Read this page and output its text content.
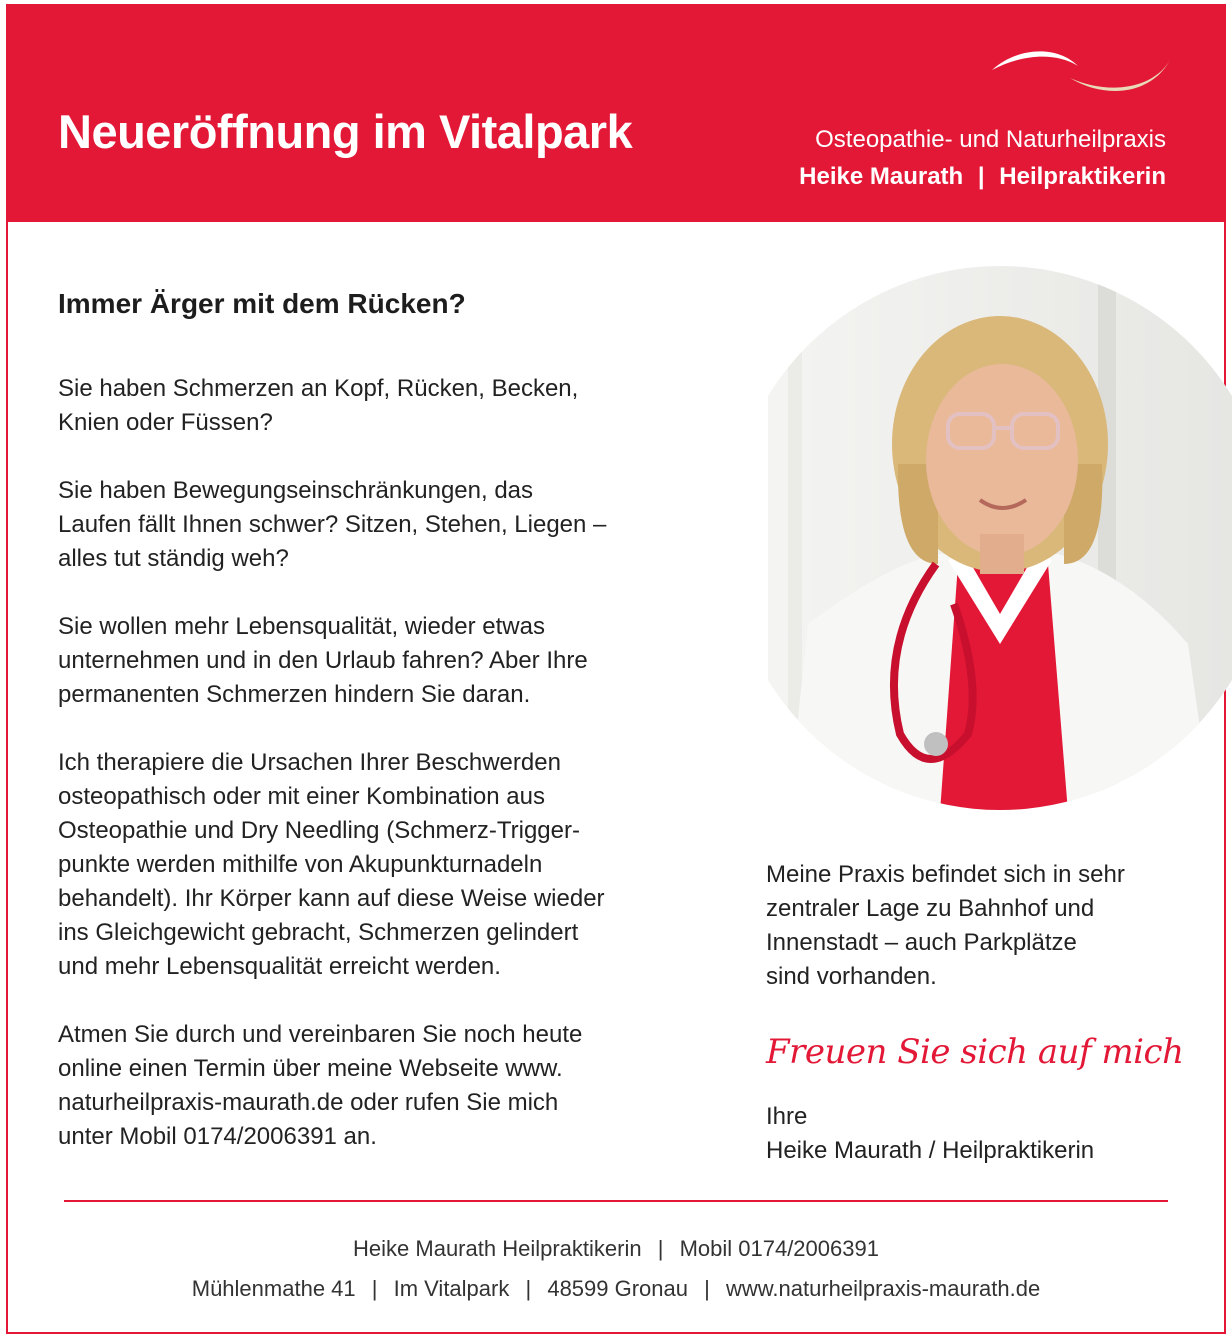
Neueröffnung im Vitalpark	Osteopathie- und Naturheilpraxis
Heike Maurath | Heilpraktikerin
Immer Ärger mit dem Rücken?

Sie haben Schmerzen an Kopf, Rücken, Becken,
Knien oder Füssen?

Sie haben Bewegungseinschränkungen, das
Laufen fällt Ihnen schwer? Sitzen, Stehen, Liegen –
alles tut ständig weh?

Sie wollen mehr Lebensqualität, wieder etwas
unternehmen und in den Urlaub fahren? Aber Ihre
permanenten Schmerzen hindern Sie daran.

Ich therapiere die Ursachen Ihrer Beschwerden
osteopathisch oder mit einer Kombination aus
Osteopathie und Dry Needling (Schmerz-Trigger-
punkte werden mithilfe von Akupunkturnadeln
behandelt). Ihr Körper kann auf diese Weise wieder
ins Gleichgewicht gebracht, Schmerzen gelindert
und mehr Lebensqualität erreicht werden.

Atmen Sie durch und vereinbaren Sie noch heute
online einen Termin über meine Webseite www.
naturheilpraxis-maurath.de oder rufen Sie mich
unter Mobil 0174/2006391 an.

Meine Praxis befindet sich in sehr
zentraler Lage zu Bahnhof und
Innenstadt – auch Parkplätze
sind vorhanden.

Freuen Sie sich auf mich
Ihre
Heike Maurath / Heilpraktikerin
Heike Maurath Heilpraktikerin | Mobil 0174/2006391
Mühlenmathe 41 | Im Vitalpark | 48599 Gronau | www.naturheilpraxis-maurath.de
